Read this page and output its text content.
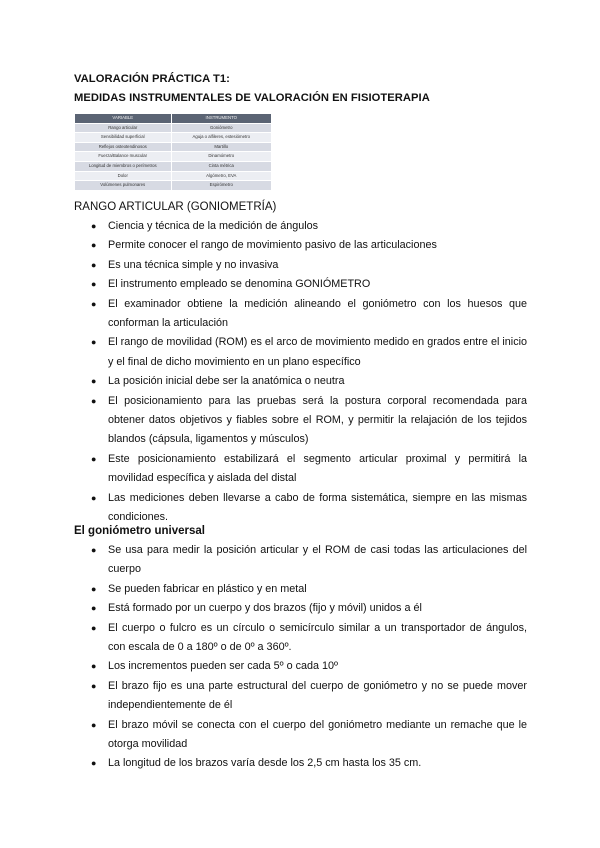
VALORACIÓN PRÁCTICA T1:
MEDIDAS INSTRUMENTALES DE VALORACIÓN EN FISIOTERAPIA
VARIABLE	INSTRUMENTO
Rango articular	Goniómetro
Sensibilidad superficial	Aguja o alfileres, estesiómetro
Reflejos osteotendinosos	Martillo
Fuerza/Balance muscular	Dinamómetro
Longitud de miembros o perímetros	Cinta métrica
Dolor	Algómetro, EVA
Volúmenes pulmonares	Espirómetro
RANGO ARTICULAR (GONIOMETRÍA)
● Ciencia y técnica de la medición de ángulos
● Permite conocer el rango de movimiento pasivo de las articulaciones
● Es una técnica simple y no invasiva
● El instrumento empleado se denomina GONIÓMETRO
● El examinador obtiene la medición alineando el goniómetro con los huesos que conforman la articulación
● El rango de movilidad (ROM) es el arco de movimiento medido en grados entre el inicio y el final de dicho movimiento en un plano específico
● La posición inicial debe ser la anatómica o neutra
● El posicionamiento para las pruebas será la postura corporal recomendada para obtener datos objetivos y fiables sobre el ROM, y permitir la relajación de los tejidos blandos (cápsula, ligamentos y músculos)
● Este posicionamiento estabilizará el segmento articular proximal y permitirá la movilidad específica y aislada del distal
● Las mediciones deben llevarse a cabo de forma sistemática, siempre en las mismas condiciones.
El goniómetro universal
● Se usa para medir la posición articular y el ROM de casi todas las articulaciones del cuerpo
● Se pueden fabricar en plástico y en metal
● Está formado por un cuerpo y dos brazos (fijo y móvil) unidos a él
● El cuerpo o fulcro es un círculo o semicírculo similar a un transportador de ángulos, con escala de 0 a 180º o de 0º a 360º.
● Los incrementos pueden ser cada 5º o cada 10º
● El brazo fijo es una parte estructural del cuerpo de goniómetro y no se puede mover independientemente de él
● El brazo móvil se conecta con el cuerpo del goniómetro mediante un remache que le otorga movilidad
● La longitud de los brazos varía desde los 2,5 cm hasta los 35 cm.
